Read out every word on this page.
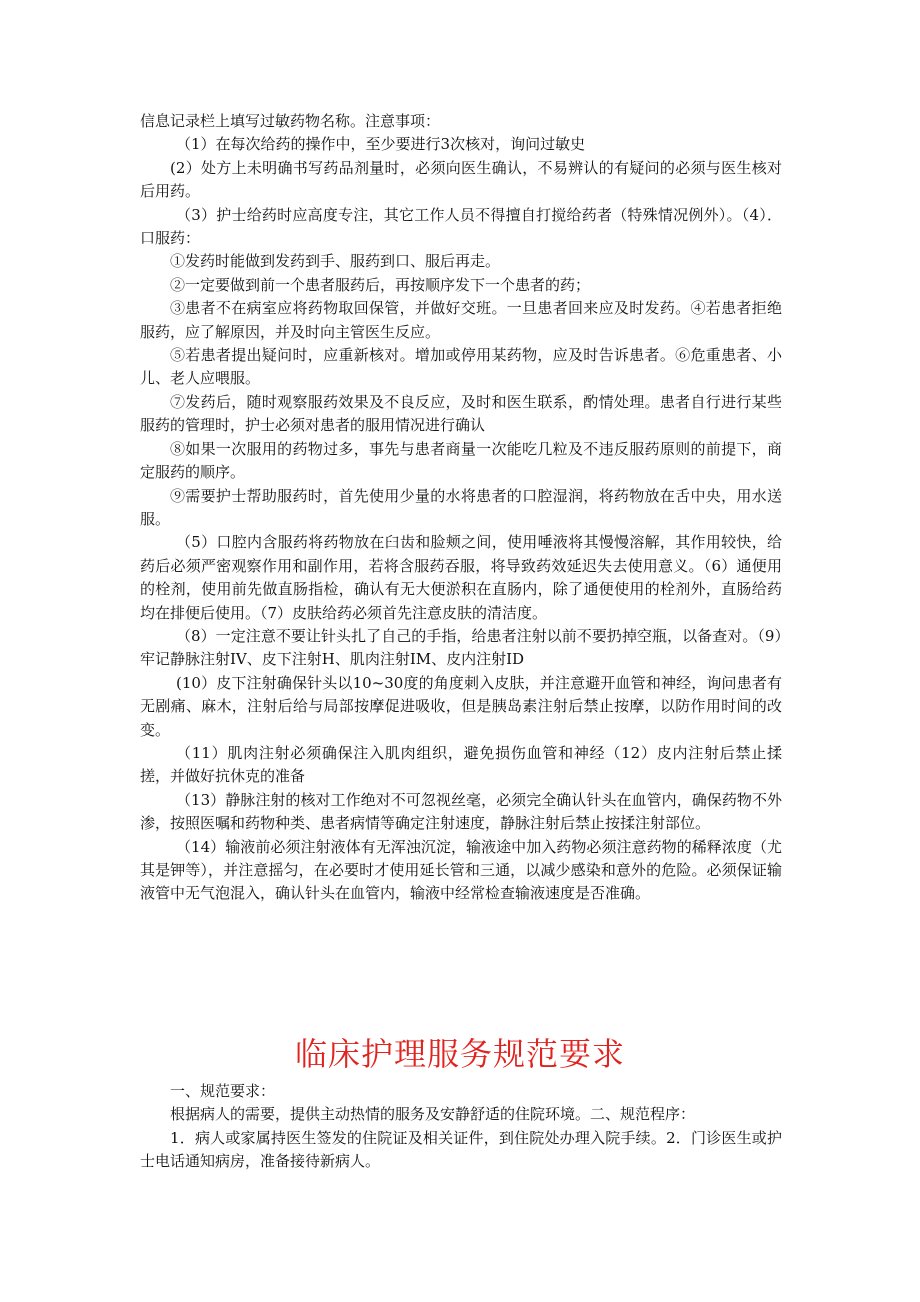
信息记录栏上填写过敏药物名称。注意事项：

（1）在每次给药的操作中，至少要进行3次核对，询问过敏史

(2）处方上未明确书写药品剂量时，必须向医生确认，不易辨认的有疑问的必须与医生核对后用药。

（3）护士给药时应高度专注，其它工作人员不得擅自打搅给药者（特殊情况例外）。（4）．口服药：

①发药时能做到发药到手、服药到口、服后再走。

②一定要做到前一个患者服药后，再按顺序发下一个患者的药；

③患者不在病室应将药物取回保管，并做好交班。一旦患者回来应及时发药。④若患者拒绝服药，应了解原因，并及时向主管医生反应。

⑤若患者提出疑问时，应重新核对。增加或停用某药物，应及时告诉患者。⑥危重患者、小儿、老人应喂服。

⑦发药后，随时观察服药效果及不良反应，及时和医生联系，酌情处理。患者自行进行某些服药的管理时，护士必须对患者的服用情况进行确认

⑧如果一次服用的药物过多，事先与患者商量一次能吃几粒及不违反服药原则的前提下，商定服药的顺序。

⑨需要护士帮助服药时，首先使用少量的水将患者的口腔湿润，将药物放在舌中央，用水送服。

（5）口腔内含服药将药物放在臼齿和脸颊之间，使用唾液将其慢慢溶解，其作用较快，给药后必须严密观察作用和副作用，若将含服药吞服，将导致药效延迟失去使用意义。（6）通便用的栓剂，使用前先做直肠指检，确认有无大便淤积在直肠内，除了通便使用的栓剂外，直肠给药均在排便后使用。（7）皮肤给药必须首先注意皮肤的清洁度。

（8）一定注意不要让针头扎了自己的手指，给患者注射以前不要扔掉空瓶，以备查对。（9）牢记静脉注射IV、皮下注射H、肌肉注射IM、皮内注射ID

(10）皮下注射确保针头以10~30度的角度刺入皮肤，并注意避开血管和神经，询问患者有无剧痛、麻木，注射后给与局部按摩促进吸收，但是胰岛素注射后禁止按摩，以防作用时间的改变。

（11）肌肉注射必须确保注入肌肉组织，避免损伤血管和神经（12）皮内注射后禁止揉搓，并做好抗休克的准备

（13）静脉注射的核对工作绝对不可忽视丝毫，必须完全确认针头在血管内，确保药物不外渗，按照医嘱和药物种类、患者病情等确定注射速度，静脉注射后禁止按揉注射部位。

（14）输液前必须注射液体有无浑浊沉淀，输液途中加入药物必须注意药物的稀释浓度（尤其是钾等），并注意摇匀，在必要时才使用延长管和三通，以减少感染和意外的危险。必须保证输液管中无气泡混入，确认针头在血管内，输液中经常检查输液速度是否准确。

临床护理服务规范要求

一、规范要求：

根据病人的需要，提供主动热情的服务及安静舒适的住院环境。二、规范程序：

1．病人或家属持医生签发的住院证及相关证件，到住院处办理入院手续。2．门诊医生或护士电话通知病房，准备接待新病人。
